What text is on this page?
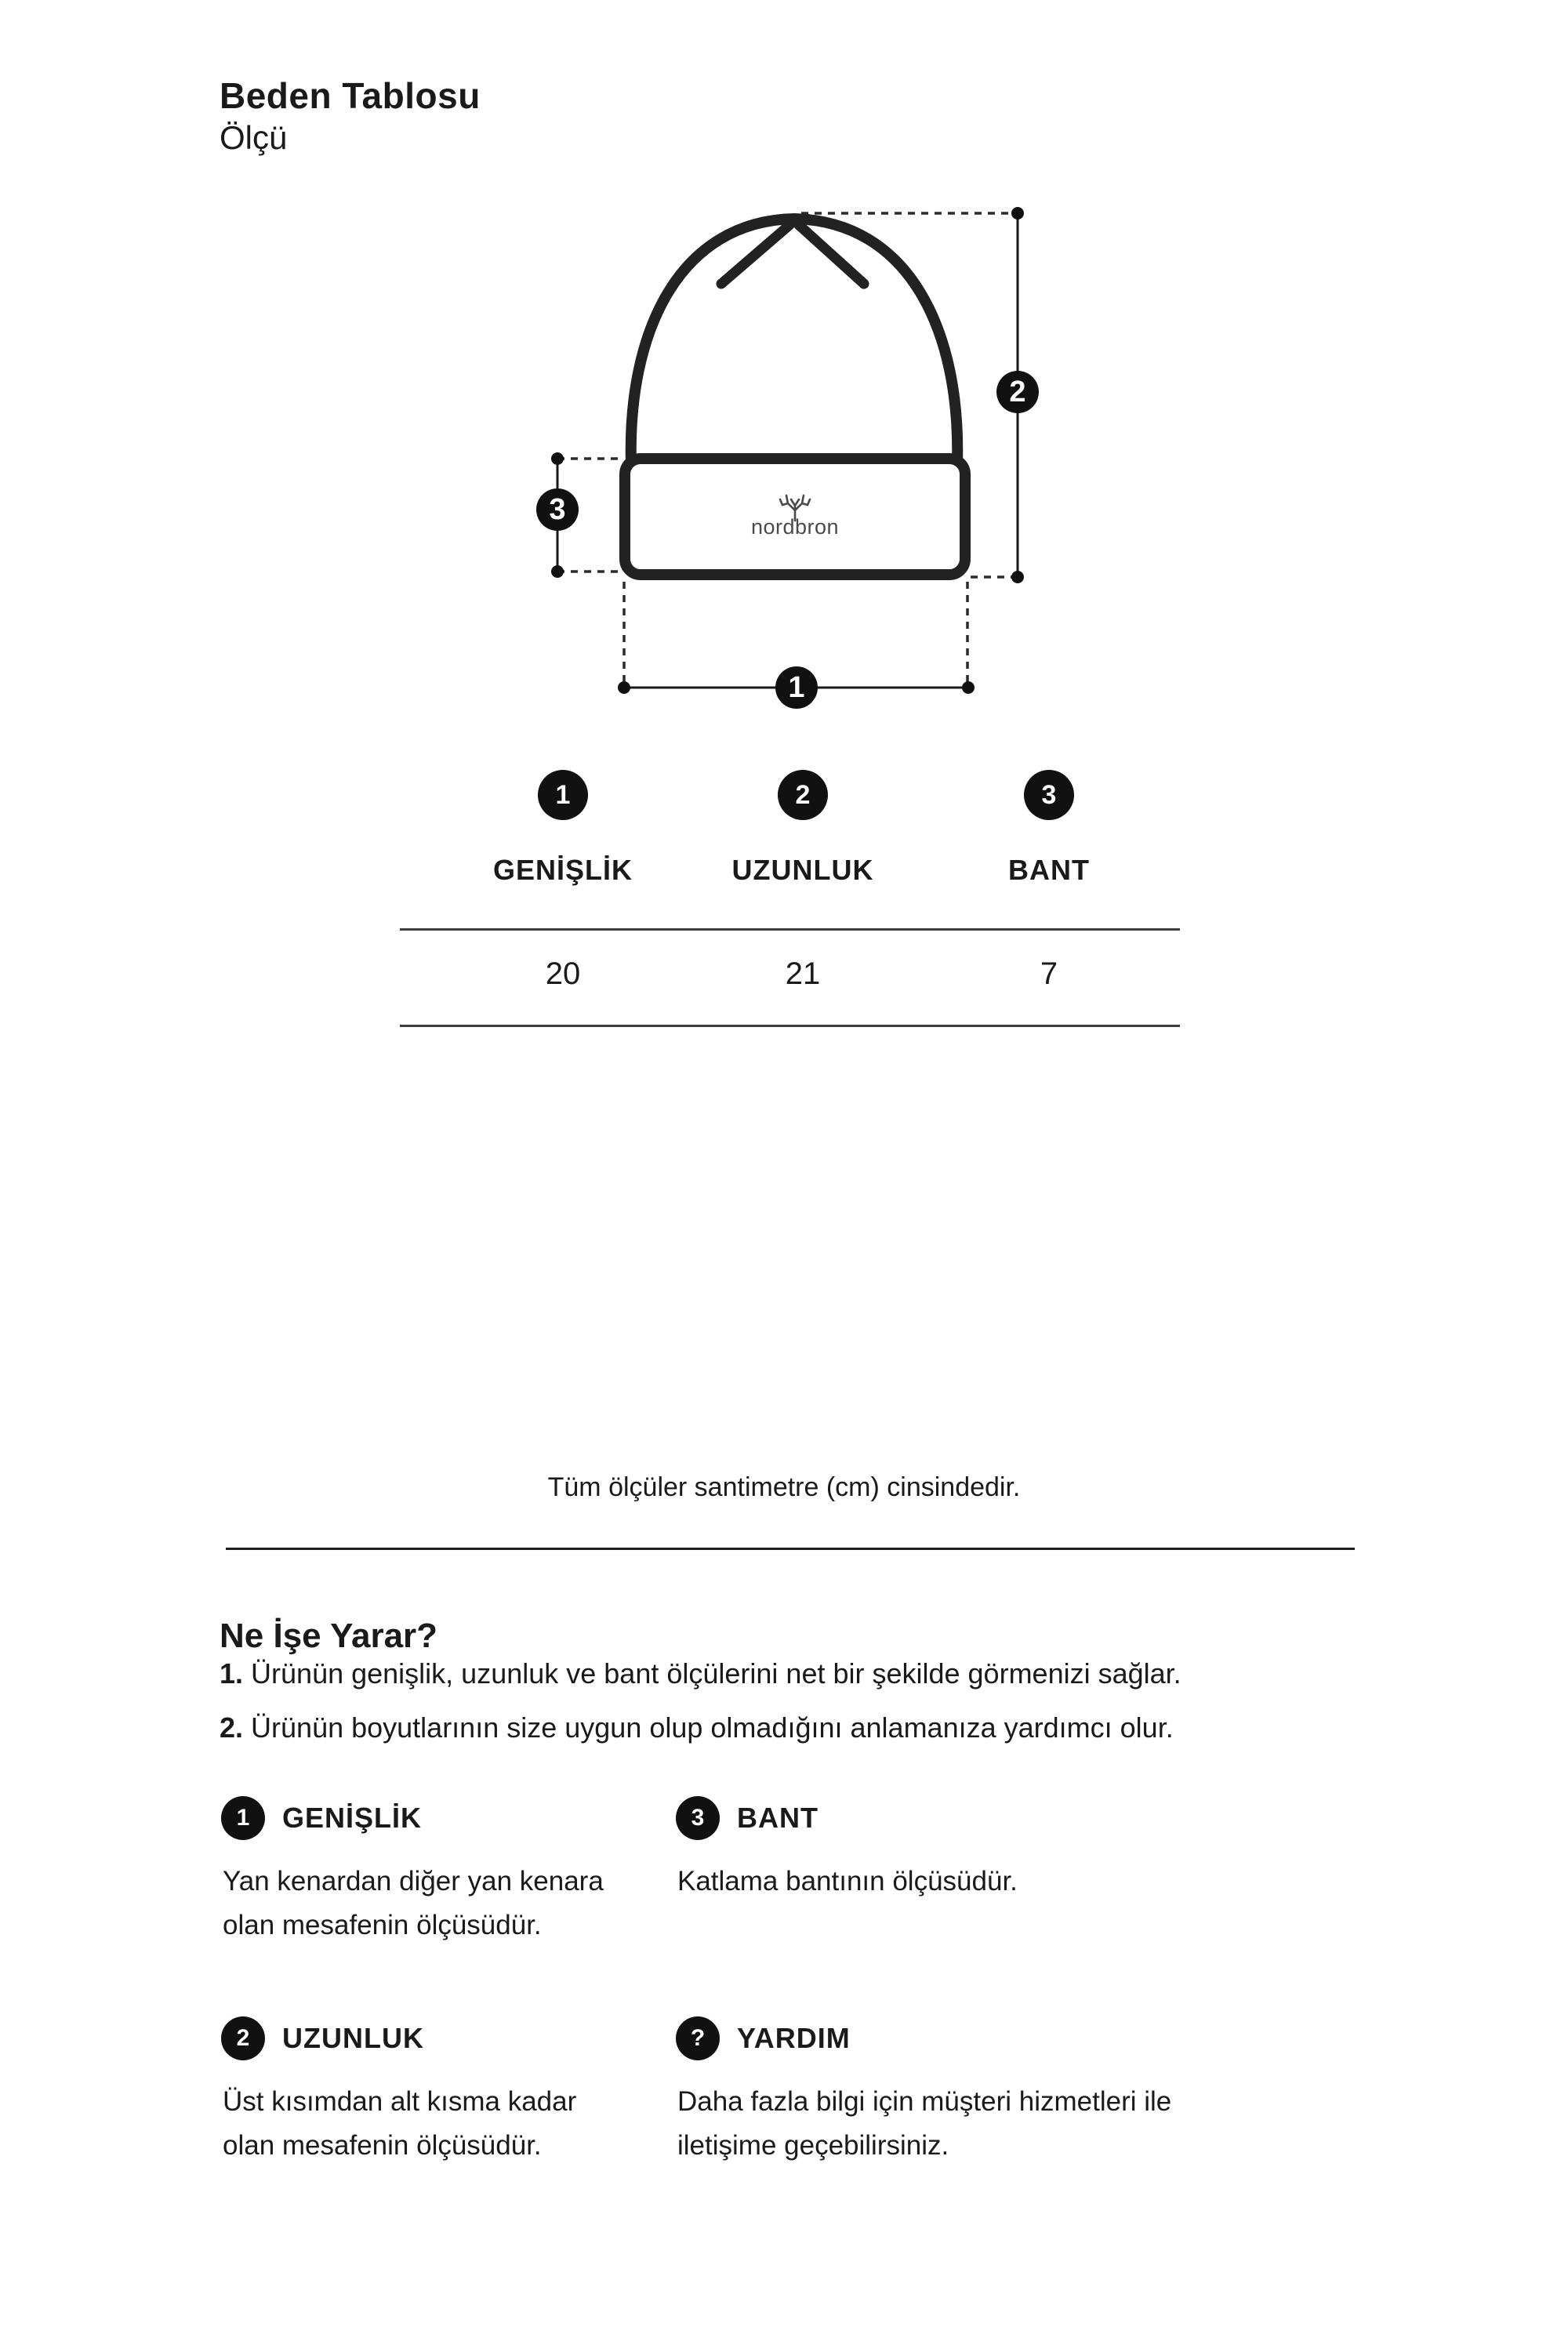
Beden Tablosu
Ölçü
nordbron
2
3
1
1	2	3
GENİŞLİK	UZUNLUK	BANT
20	21	7
Tüm ölçüler santimetre (cm) cinsindedir.
Ne İşe Yarar?
1. Ürünün genişlik, uzunluk ve bant ölçülerini net bir şekilde görmenizi sağlar.
2. Ürünün boyutlarının size uygun olup olmadığını anlamanıza yardımcı olur.
1	GENİŞLİK
Yan kenardan diğer yan kenara olan mesafenin ölçüsüdür.
3	BANT
Katlama bantının ölçüsüdür.
2	UZUNLUK
Üst kısımdan alt kısma kadar olan mesafenin ölçüsüdür.
?	YARDIM
Daha fazla bilgi için müşteri hizmetleri ile iletişime geçebilirsiniz.
